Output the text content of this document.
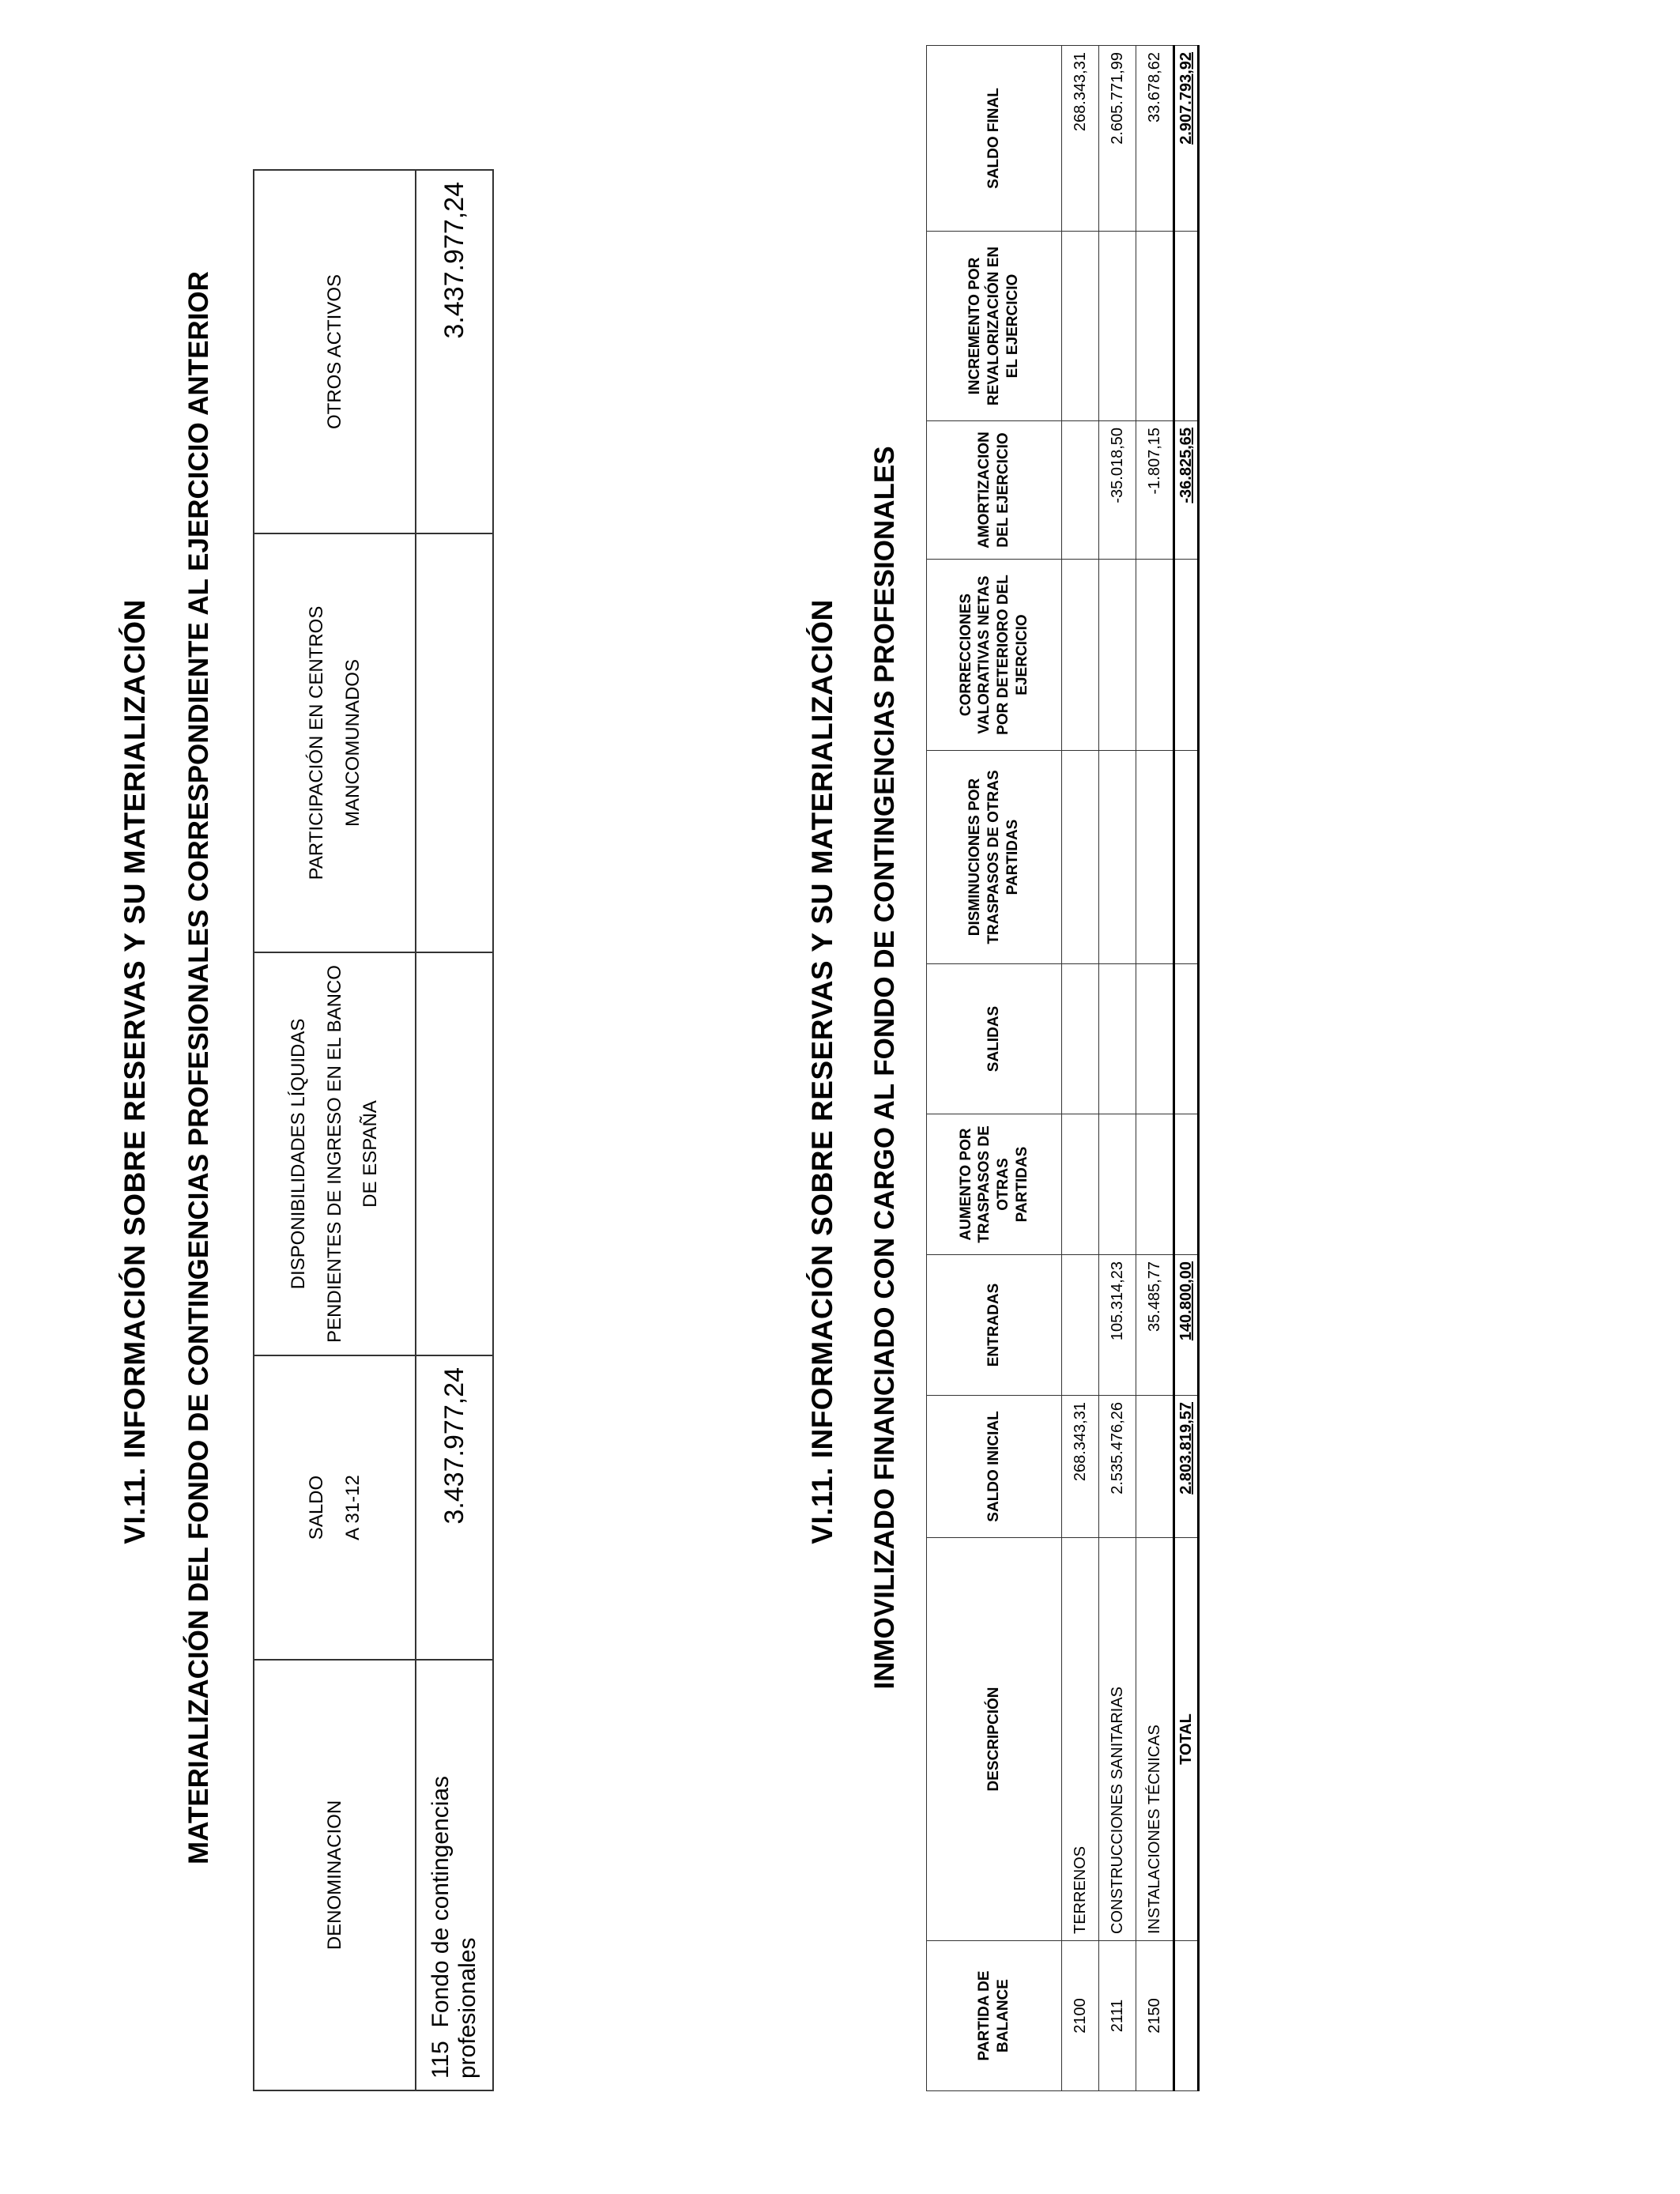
VI.11. INFORMACIÓN SOBRE RESERVAS Y SU MATERIALIZACIÓN MATERIALIZACIÓN DEL FONDO DE CONTINGENCIAS PROFESIONALES CORRESPONDIENTE AL EJERCICIO ANTERIOR
DENOMINACION	SALDO A 31-12	DISPONIBILIDADES LÍQUIDAS PENDIENTES DE INGRESO EN EL BANCO DE ESPAÑA	PARTICIPACIÓN EN CENTROS MANCOMUNADOS	OTROS ACTIVOS
115  Fondo de contingencias profesionales	3.437.977,24			3.437.977,24
VI.11. INFORMACIÓN SOBRE RESERVAS Y SU MATERIALIZACIÓN INMOVILIZADO FINANCIADO CON CARGO AL FONDO DE CONTINGENCIAS PROFESIONALES
PARTIDA DE BALANCE	DESCRIPCIÓN	SALDO INICIAL	ENTRADAS	AUMENTO POR TRASPASOS DE OTRAS PARTIDAS	SALIDAS	DISMINUCIONES POR TRASPASOS DE OTRAS PARTIDAS	CORRECCIONES VALORATIVAS NETAS POR DETERIORO DEL EJERCICIO	AMORTIZACION DEL EJERCICIO	INCREMENTO POR REVALORIZACIÓN EN EL EJERCICIO	SALDO FINAL
2100	TERRENOS	268.343,31								268.343,31
2111	CONSTRUCCIONES SANITARIAS	2.535.476,26	105.314,23					-35.018,50		2.605.771,99
2150	INSTALACIONES TÉCNICAS		35.485,77					-1.807,15		33.678,62
	TOTAL	2.803.819,57	140.800,00					-36.825,65		2.907.793,92
